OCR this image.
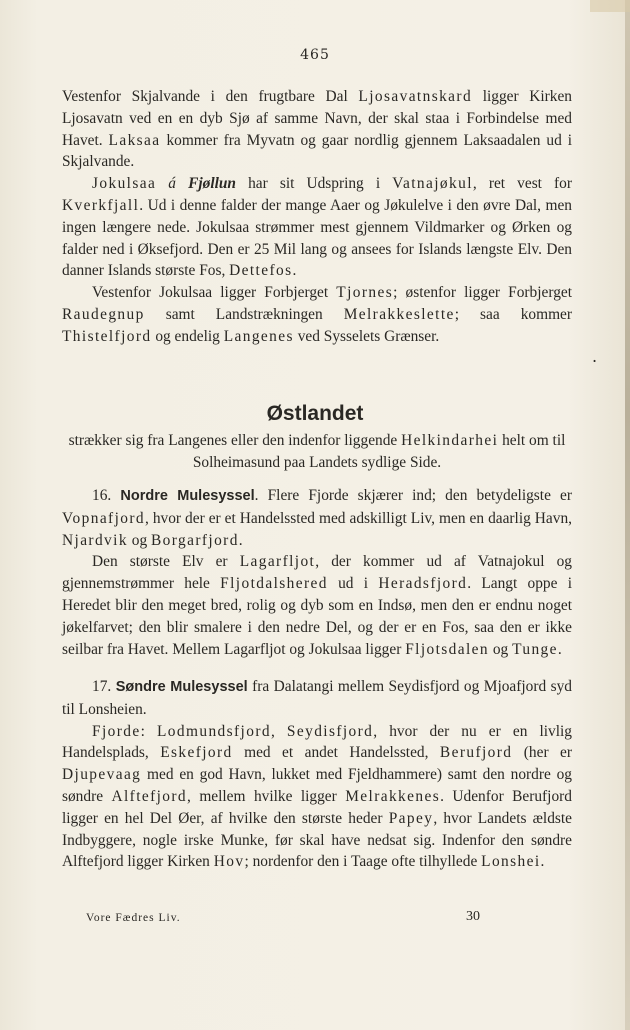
465

Vestenfor Skjalvande i den frugtbare Dal Ljosavatnskard ligger Kirken Ljosavatn ved en en dyb Sjø af samme Navn, der skal staa i Forbindelse med Havet. Laksaa kommer fra Myvatn og gaar nordlig gjennem Laksaadalen ud i Skjalvande.

Jokulsaa á Fjøllun har sit Udspring i Vatnajøkul, ret vest for Kverkfjall. Ud i denne falder der mange Aaer og Jøkulelve i den øvre Dal, men ingen længere nede. Jokulsaa strømmer mest gjennem Vildmarker og Ørken og falder ned i Øksefjord. Den er 25 Mil lang og ansees for Islands længste Elv. Den danner Islands største Fos, Dettefos.

Vestenfor Jokulsaa ligger Forbjerget Tjornes; østenfor ligger Forbjerget Raudegnup samt Landstrækningen Melrakkeslette; saa kommer Thistelfjord og endelig Langenes ved Sysselets Grænser.

.
Østlandet
strækker sig fra Langenes eller den indenfor liggende Helkindarhei helt om til Solheimasund paa Landets sydlige Side.

16. Nordre Mulesyssel. Flere Fjorde skjærer ind; den betydeligste er Vopnafjord, hvor der er et Handelssted med adskilligt Liv, men en daarlig Havn, Njardvik og Borgarfjord.

Den største Elv er Lagarfljot, der kommer ud af Vatnajokul og gjennemstrømmer hele Fljotdalshered ud i Heradsfjord. Langt oppe i Heredet blir den meget bred, rolig og dyb som en Indsø, men den er endnu noget jøkelfarvet; den blir smalere i den nedre Del, og der er en Fos, saa den er ikke seilbar fra Havet. Mellem Lagarfljot og Jokulsaa ligger Fljotsdalen og Tunge.

17. Søndre Mulesyssel fra Dalatangi mellem Seydisfjord og Mjoafjord syd til Lonsheien.

Fjorde: Lodmundsfjord, Seydisfjord, hvor der nu er en livlig Handelsplads, Eskefjord med et andet Handelssted, Berufjord (her er Djupevaag med en god Havn, lukket med Fjeldhammere) samt den nordre og søndre Alftefjord, mellem hvilke ligger Melrakkenes. Udenfor Berufjord ligger en hel Del Øer, af hvilke den største heder Papey, hvor Landets ældste Indbyggere, nogle irske Munke, før skal have nedsat sig. Indenfor den søndre Alftefjord ligger Kirken Hov; nordenfor den i Taage ofte tilhyllede Lonshei.

Vore Fædres Liv.	30
